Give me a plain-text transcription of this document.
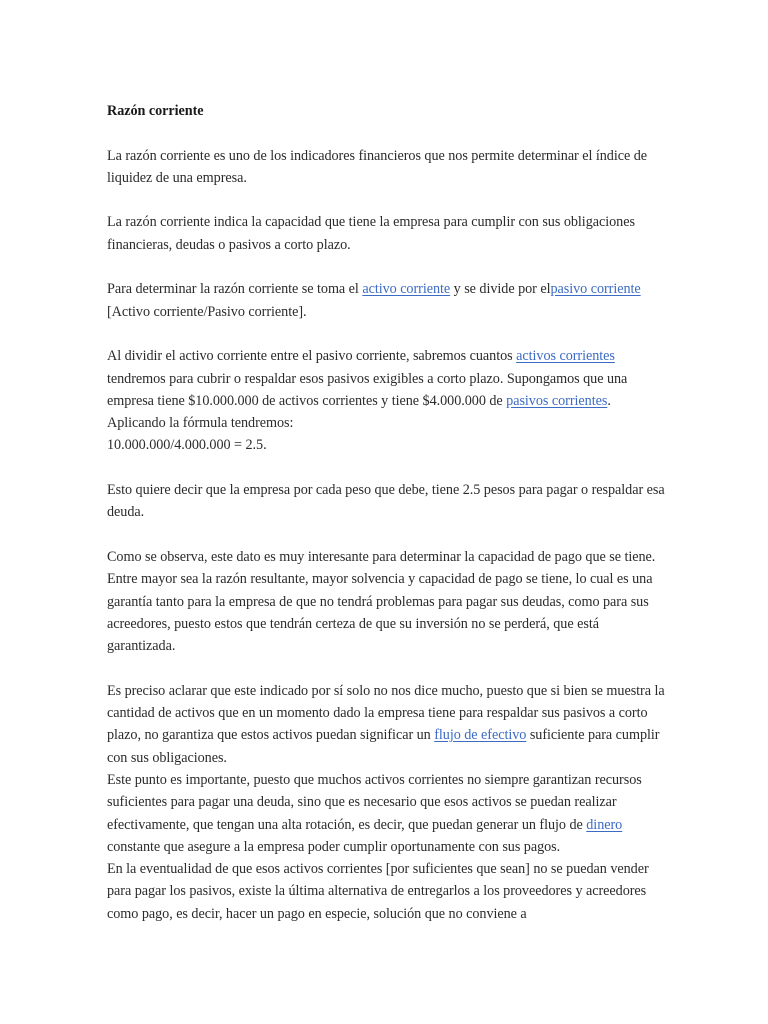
Razón corriente

La razón corriente es uno de los indicadores financieros que nos permite determinar el índice de liquidez de una empresa.

La razón corriente indica la capacidad que tiene la empresa para cumplir con sus obligaciones financieras, deudas o pasivos a corto plazo.

Para determinar la razón corriente se toma el activo corriente y se divide por elpasivo corriente [Activo corriente/Pasivo corriente].

Al dividir el activo corriente entre el pasivo corriente, sabremos cuantos activos corrientes tendremos para cubrir o respaldar esos pasivos exigibles a corto plazo. Supongamos que una empresa tiene $10.000.000 de activos corrientes y tiene $4.000.000 de pasivos corrientes. Aplicando la fórmula tendremos:
10.000.000/4.000.000 = 2.5.

Esto quiere decir que la empresa por cada peso que debe, tiene 2.5 pesos para pagar o respaldar esa deuda.

Como se observa, este dato es muy interesante para determinar la capacidad de pago que se tiene. Entre mayor sea la razón resultante, mayor solvencia y capacidad de pago se tiene, lo cual es una garantía tanto para la empresa de que no tendrá problemas para pagar sus deudas, como para sus acreedores, puesto estos que tendrán certeza de que su inversión no se perderá, que está garantizada.

Es preciso aclarar que este indicado por sí solo no nos dice mucho, puesto que si bien se muestra la cantidad de activos que en un momento dado la empresa tiene para respaldar sus pasivos a corto plazo, no garantiza que estos activos puedan significar un flujo de efectivo suficiente para cumplir con sus obligaciones.

Este punto es importante, puesto que muchos activos corrientes no siempre garantizan recursos suficientes para pagar una deuda, sino que es necesario que esos activos se puedan realizar efectivamente, que tengan una alta rotación, es decir, que puedan generar un flujo de dinero constante que asegure a la empresa poder cumplir oportunamente con sus pagos.

En la eventualidad de que esos activos corrientes [por suficientes que sean] no se puedan vender para pagar los pasivos, existe la última alternativa de entregarlos a los proveedores y acreedores como pago, es decir, hacer un pago en especie, solución que no conviene a
